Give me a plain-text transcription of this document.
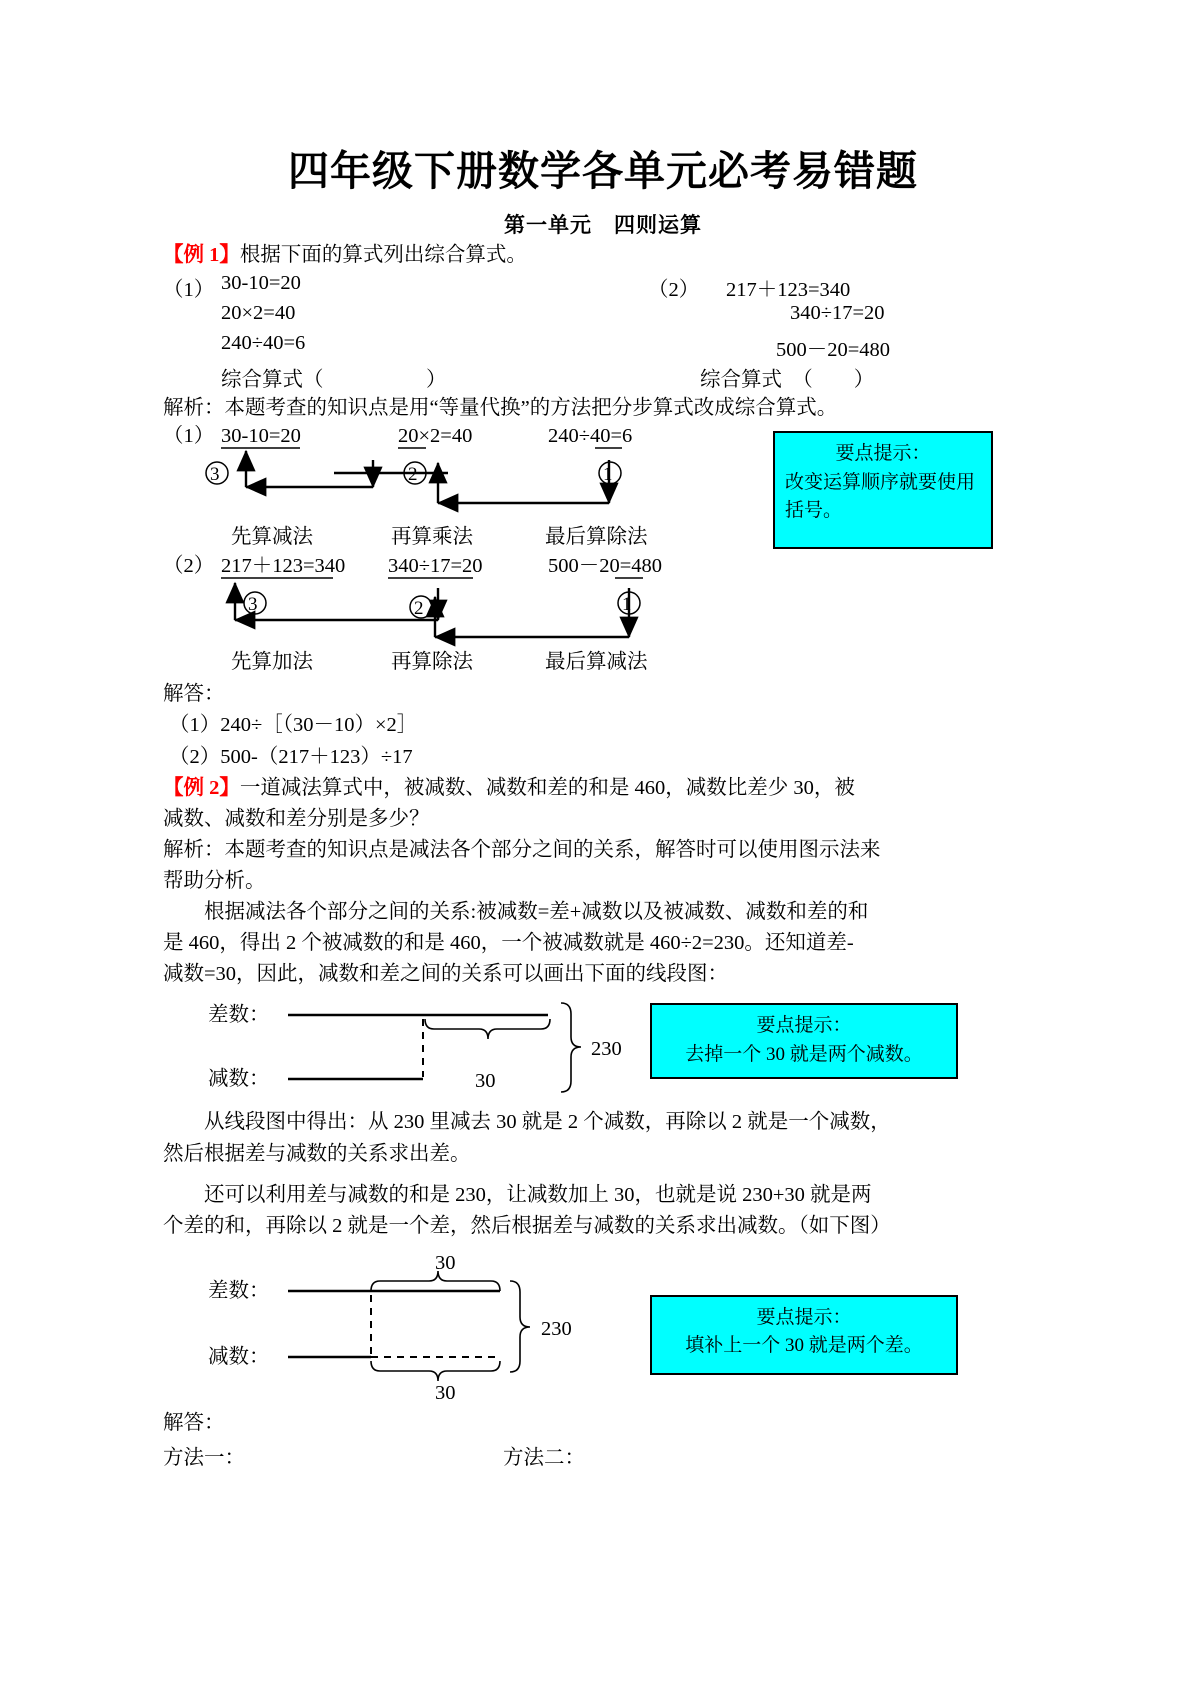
四年级下册数学各单元必考易错题
第一单元　四则运算
【例 1】根据下面的算式列出综合算式。
（1） 30-10=20	（2） 217＋123=340
20×2=40	340÷17=20
240÷40=6	500－20=480
综合算式（　　　　　）	综合算式　（　　）
解析：本题考查的知识点是用“等量代换”的方法把分步算式改成综合算式。
（1） 30-10=20	20×2=40	240÷40=6
3	2	1
先算减法	再算乘法	最后算除法
（2） 217＋123=340 340÷17=20	500－20=480
3	2	1
先算加法	再算除法	最后算减法
要点提示：
改变运算顺序就要使用括号。
解答：
（1）240÷［（30－10）×2］
（2）500-（217＋123）÷17
【例 2】一道减法算式中，被减数、减数和差的和是 460，减数比差少 30，被
减数、减数和差分别是多少？
解析：本题考查的知识点是减法各个部分之间的关系，解答时可以使用图示法来
帮助分析。
根据减法各个部分之间的关系:被减数=差+减数以及被减数、减数和差的和
是 460，得出 2 个被减数的和是 460，一个被减数就是 460÷2=230。还知道差-
减数=30，因此，减数和差之间的关系可以画出下面的线段图：
差数：
减数：	30
230
要点提示：
去掉一个 30 就是两个减数。
从线段图中得出：从 230 里减去 30 就是 2 个减数，再除以 2 就是一个减数，
然后根据差与减数的关系求出差。
还可以利用差与减数的和是 230，让减数加上 30，也就是说 230+30 就是两
个差的和，再除以 2 就是一个差，然后根据差与减数的关系求出减数。（如下图）
差数：
减数：
30
30
230
要点提示：
填补上一个 30 就是两个差。
解答：
方法一：	方法二：
